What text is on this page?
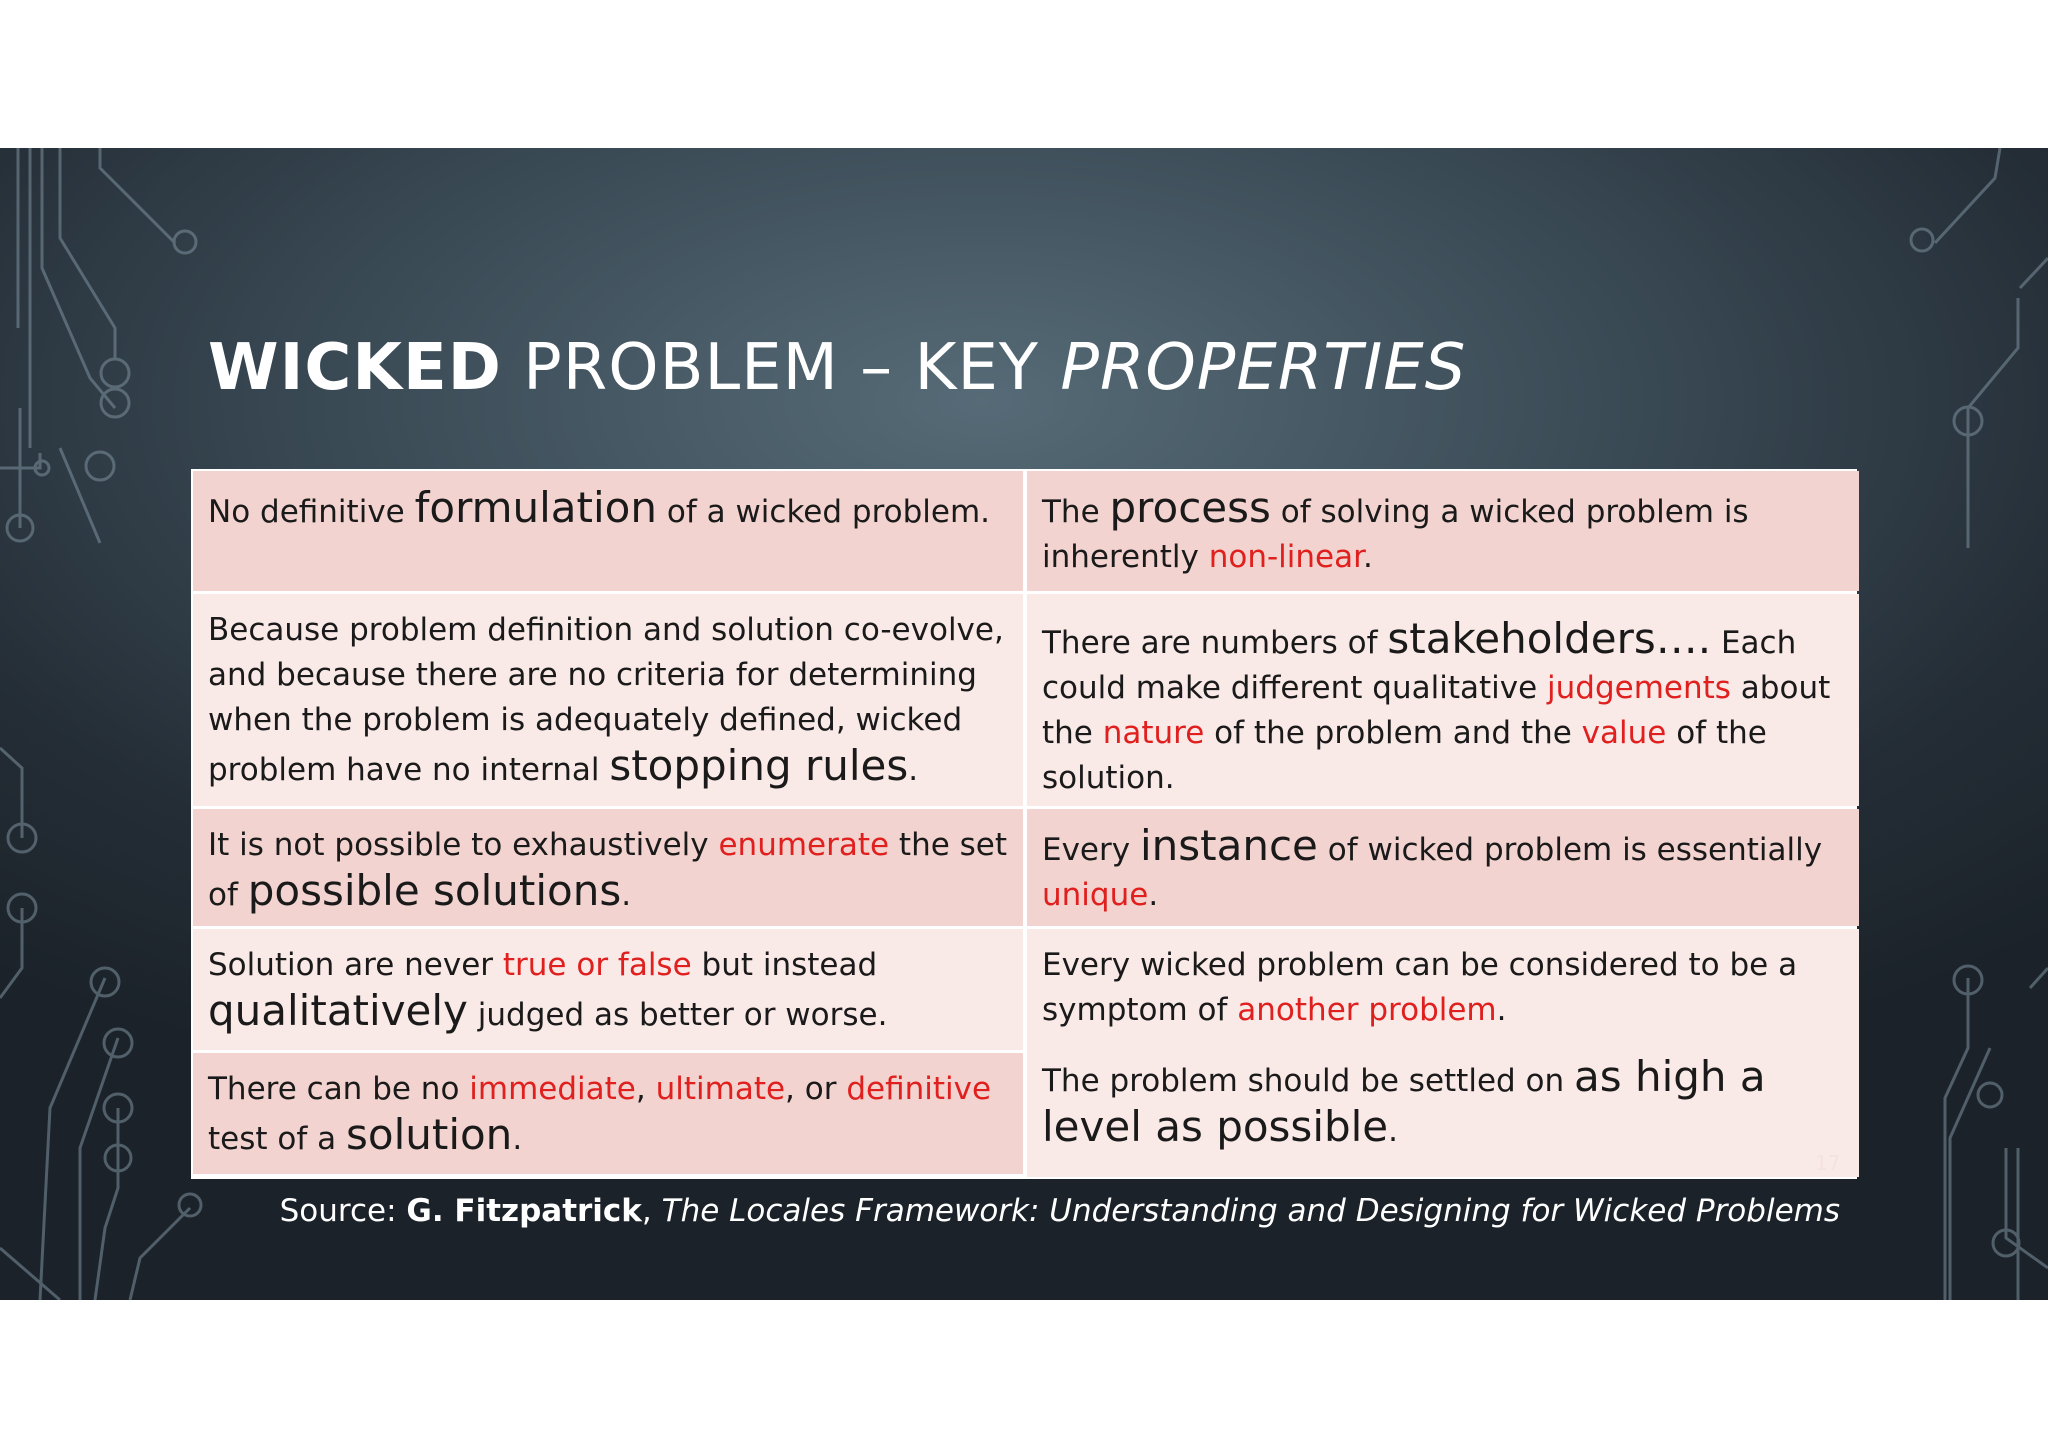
WICKED PROBLEM – KEY PROPERTIES
No definitive formulation of a wicked problem.	The process of solving a wicked problem is inherently non-linear.
Because problem definition and solution co-evolve, and because there are no criteria for determining when the problem is adequately defined, wicked problem have no internal stopping rules.
There are numbers of stakeholders…. Each could make different qualitative judgements about the nature of the problem and the value of the solution.
It is not possible to exhaustively enumerate the set of possible solutions.
Every instance of wicked problem is essentially unique.
Solution are never true or false but instead qualitatively judged as better or worse.
There can be no immediate, ultimate, or definitive test of a solution.
Every wicked problem can be considered to be a symptom of another problem.
The problem should be settled on as high a level as possible.
17

Source: G. Fitzpatrick, The Locales Framework: Understanding and Designing for Wicked Problems
